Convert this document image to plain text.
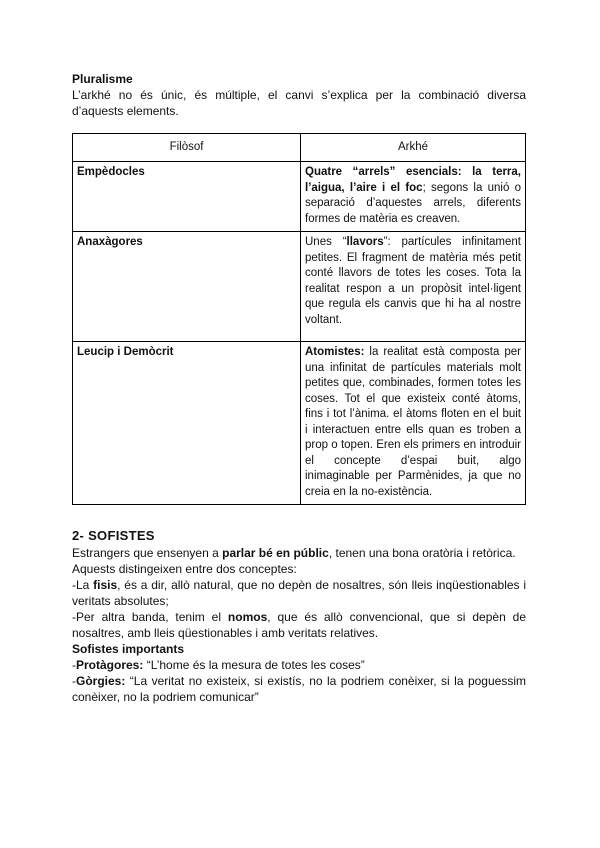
Pluralisme
L’arkhé no és únic, és múltiple, el canvi s’explica per la combinació diversa
d’aquests elements.
Filòsof	Arkhé
Empèdocles	Quatre “arrels” esencials: la terra, l’aigua, l’aire i el foc; segons la unió o separació d’aquestes arrels, diferents formes de matèria es creaven.
Anaxàgores	Unes “llavors”: partícules infinitament petites. El fragment de matèria més petit conté llavors de totes les coses. Tota la realitat respon a un propòsit intel·ligent que regula els canvis que hi ha al nostre voltant.
Leucip i Demòcrit	Atomistes: la realitat està composta per una infinitat de partícules materials molt petites que, combinades, formen totes les coses. Tot el que existeix conté àtoms, fins i tot l’ànima. el àtoms floten en el buit i interactuen entre ells quan es troben a prop o topen. Eren els primers en introduir el concepte d’espai buit, algo inimaginable per Parmènides, ja que no creia en la no-existència.
2- SOFISTES
Estrangers que ensenyen a parlar bé en públic, tenen una bona oratòria i retòrica.
Aquests distingeixen entre dos conceptes:
-La fisis, és a dir, allò natural, que no depèn de nosaltres, són lleis inqüestionables i
veritats absolutes;
-Per altra banda, tenim el nomos, que és allò convencional, que si depèn de
nosaltres, amb lleis qüestionables i amb veritats relatives.
Sofistes importants
-Protàgores: “L’home és la mesura de totes les coses”
-Gòrgies: “La veritat no existeix, si existís, no la podriem conèixer, si la poguessim
conèixer, no la podriem comunicar”
